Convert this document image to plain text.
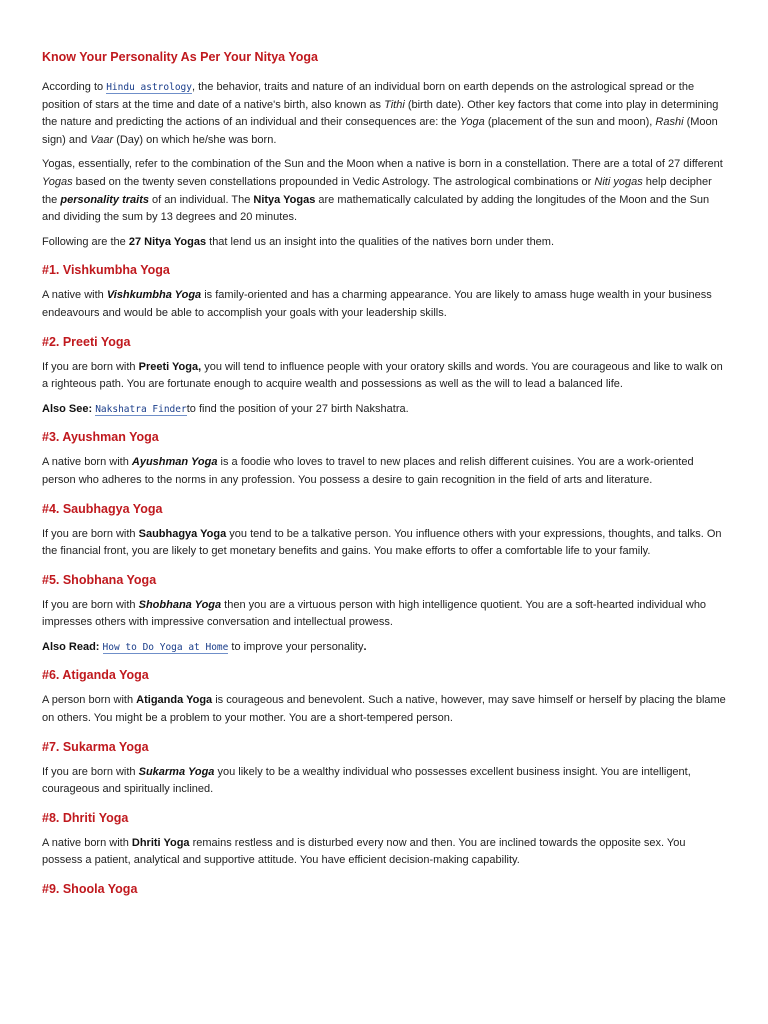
Know Your Personality As Per Your Nitya Yoga

According to Hindu astrology, the behavior, traits and nature of an individual born on earth depends on the astrological spread or the position of stars at the time and date of a native's birth, also known as Tithi (birth date). Other key factors that come into play in determining the nature and predicting the actions of an individual and their consequences are: the Yoga (placement of the sun and moon), Rashi (Moon sign) and Vaar (Day) on which he/she was born.

Yogas, essentially, refer to the combination of the Sun and the Moon when a native is born in a constellation. There are a total of 27 different Yogas based on the twenty seven constellations propounded in Vedic Astrology. The astrological combinations or Niti yogas help decipher the personality traits of an individual. The Nitya Yogas are mathematically calculated by adding the longitudes of the Moon and the Sun and dividing the sum by 13 degrees and 20 minutes.

Following are the 27 Nitya Yogas that lend us an insight into the qualities of the natives born under them.

#1. Vishkumbha Yoga

A native with Vishkumbha Yoga is family-oriented and has a charming appearance. You are likely to amass huge wealth in your business endeavours and would be able to accomplish your goals with your leadership skills.

#2. Preeti Yoga

If you are born with Preeti Yoga, you will tend to influence people with your oratory skills and words. You are courageous and like to walk on a righteous path. You are fortunate enough to acquire wealth and possessions as well as the will to lead a balanced life.

Also See: Nakshatra Finderto find the position of your 27 birth Nakshatra.

#3. Ayushman Yoga

A native born with Ayushman Yoga is a foodie who loves to travel to new places and relish different cuisines. You are a work-oriented person who adheres to the norms in any profession. You possess a desire to gain recognition in the field of arts and literature.

#4. Saubhagya Yoga

If you are born with Saubhagya Yoga you tend to be a talkative person. You influence others with your expressions, thoughts, and talks. On the financial front, you are likely to get monetary benefits and gains. You make efforts to offer a comfortable life to your family.

#5. Shobhana Yoga

If you are born with Shobhana Yoga then you are a virtuous person with high intelligence quotient. You are a soft-hearted individual who impresses others with impressive conversation and intellectual prowess.

Also Read: How to Do Yoga at Home to improve your personality.

#6. Atiganda Yoga

A person born with Atiganda Yoga is courageous and benevolent. Such a native, however, may save himself or herself by placing the blame on others. You might be a problem to your mother. You are a short-tempered person.

#7. Sukarma Yoga

If you are born with Sukarma Yoga you likely to be a wealthy individual who possesses excellent business insight. You are intelligent, courageous and spiritually inclined.

#8. Dhriti Yoga

A native born with Dhriti Yoga remains restless and is disturbed every now and then. You are inclined towards the opposite sex. You possess a patient, analytical and supportive attitude. You have efficient decision-making capability.

#9. Shoola Yoga
